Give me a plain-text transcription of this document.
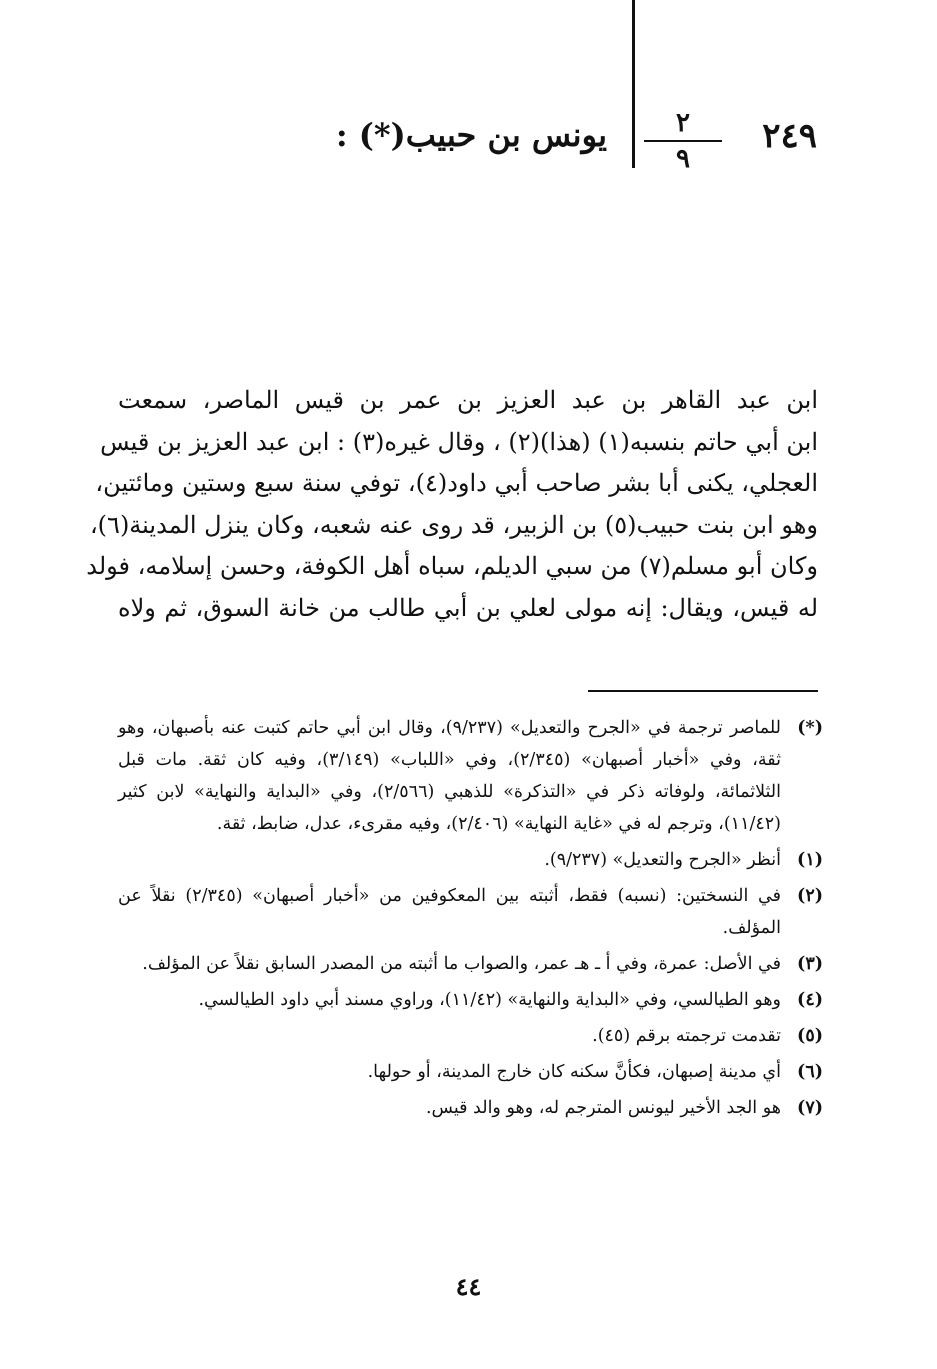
٢٤٩
٢
٩
يونس بن حبيب(*) :
ابن عبد القاهر بن عبد العزيز بن عمر بن قيس الماصر، سمعت
ابن أبي حاتم بنسبه(١) (هذا)(٢) ، وقال غيره(٣) : ابن عبد العزيز بن قيس
العجلي، يكنى أبا بشر صاحب أبي داود(٤)، توفي سنة سبع وستين ومائتين،
وهو ابن بنت حبيب(٥) بن الزبير، قد روى عنه شعبه، وكان ينزل المدينة(٦)،
وكان أبو مسلم(٧) من سبي الديلم، سباه أهل الكوفة، وحسن إسلامه، فولد
له قيس، ويقال: إنه مولى لعلي بن أبي طالب من خانة السوق، ثم ولاه
(*)
للماصر ترجمة في «الجرح والتعديل» (٩/٢٣٧)، وقال ابن أبي حاتم كتبت عنه بأصبهان، وهو ثقة، وفي «أخبار أصبهان» (٢/٣٤٥)، وفي «اللباب» (٣/١٤٩)، وفيه كان ثقة. مات قبل الثلاثمائة، ولوفاته ذكر في «التذكرة» للذهبي (٢/٥٦٦)، وفي «البداية والنهاية» لابن كثير (١١/٤٢)، وترجم له في «غاية النهاية» (٢/٤٠٦)، وفيه مقرىء، عدل، ضابط، ثقة.
(١)
أنظر «الجرح والتعديل» (٩/٢٣٧).
(٢)
في النسختين: (نسبه) فقط، أثبته بين المعكوفين من «أخبار أصبهان» (٢/٣٤٥) نقلاً عن المؤلف.
(٣)
في الأصل: عمرة، وفي أ ـ هـ عمر، والصواب ما أثبته من المصدر السابق نقلاً عن المؤلف.
(٤)
وهو الطيالسي، وفي «البداية والنهاية» (١١/٤٢)، وراوي مسند أبي داود الطيالسي.
(٥)
تقدمت ترجمته برقم (٤٥).
(٦)
أي مدينة إصبهان، فكأنَّ سكنه كان خارج المدينة، أو حولها.
(٧)
هو الجد الأخير ليونس المترجم له، وهو والد قيس.
٤٤
